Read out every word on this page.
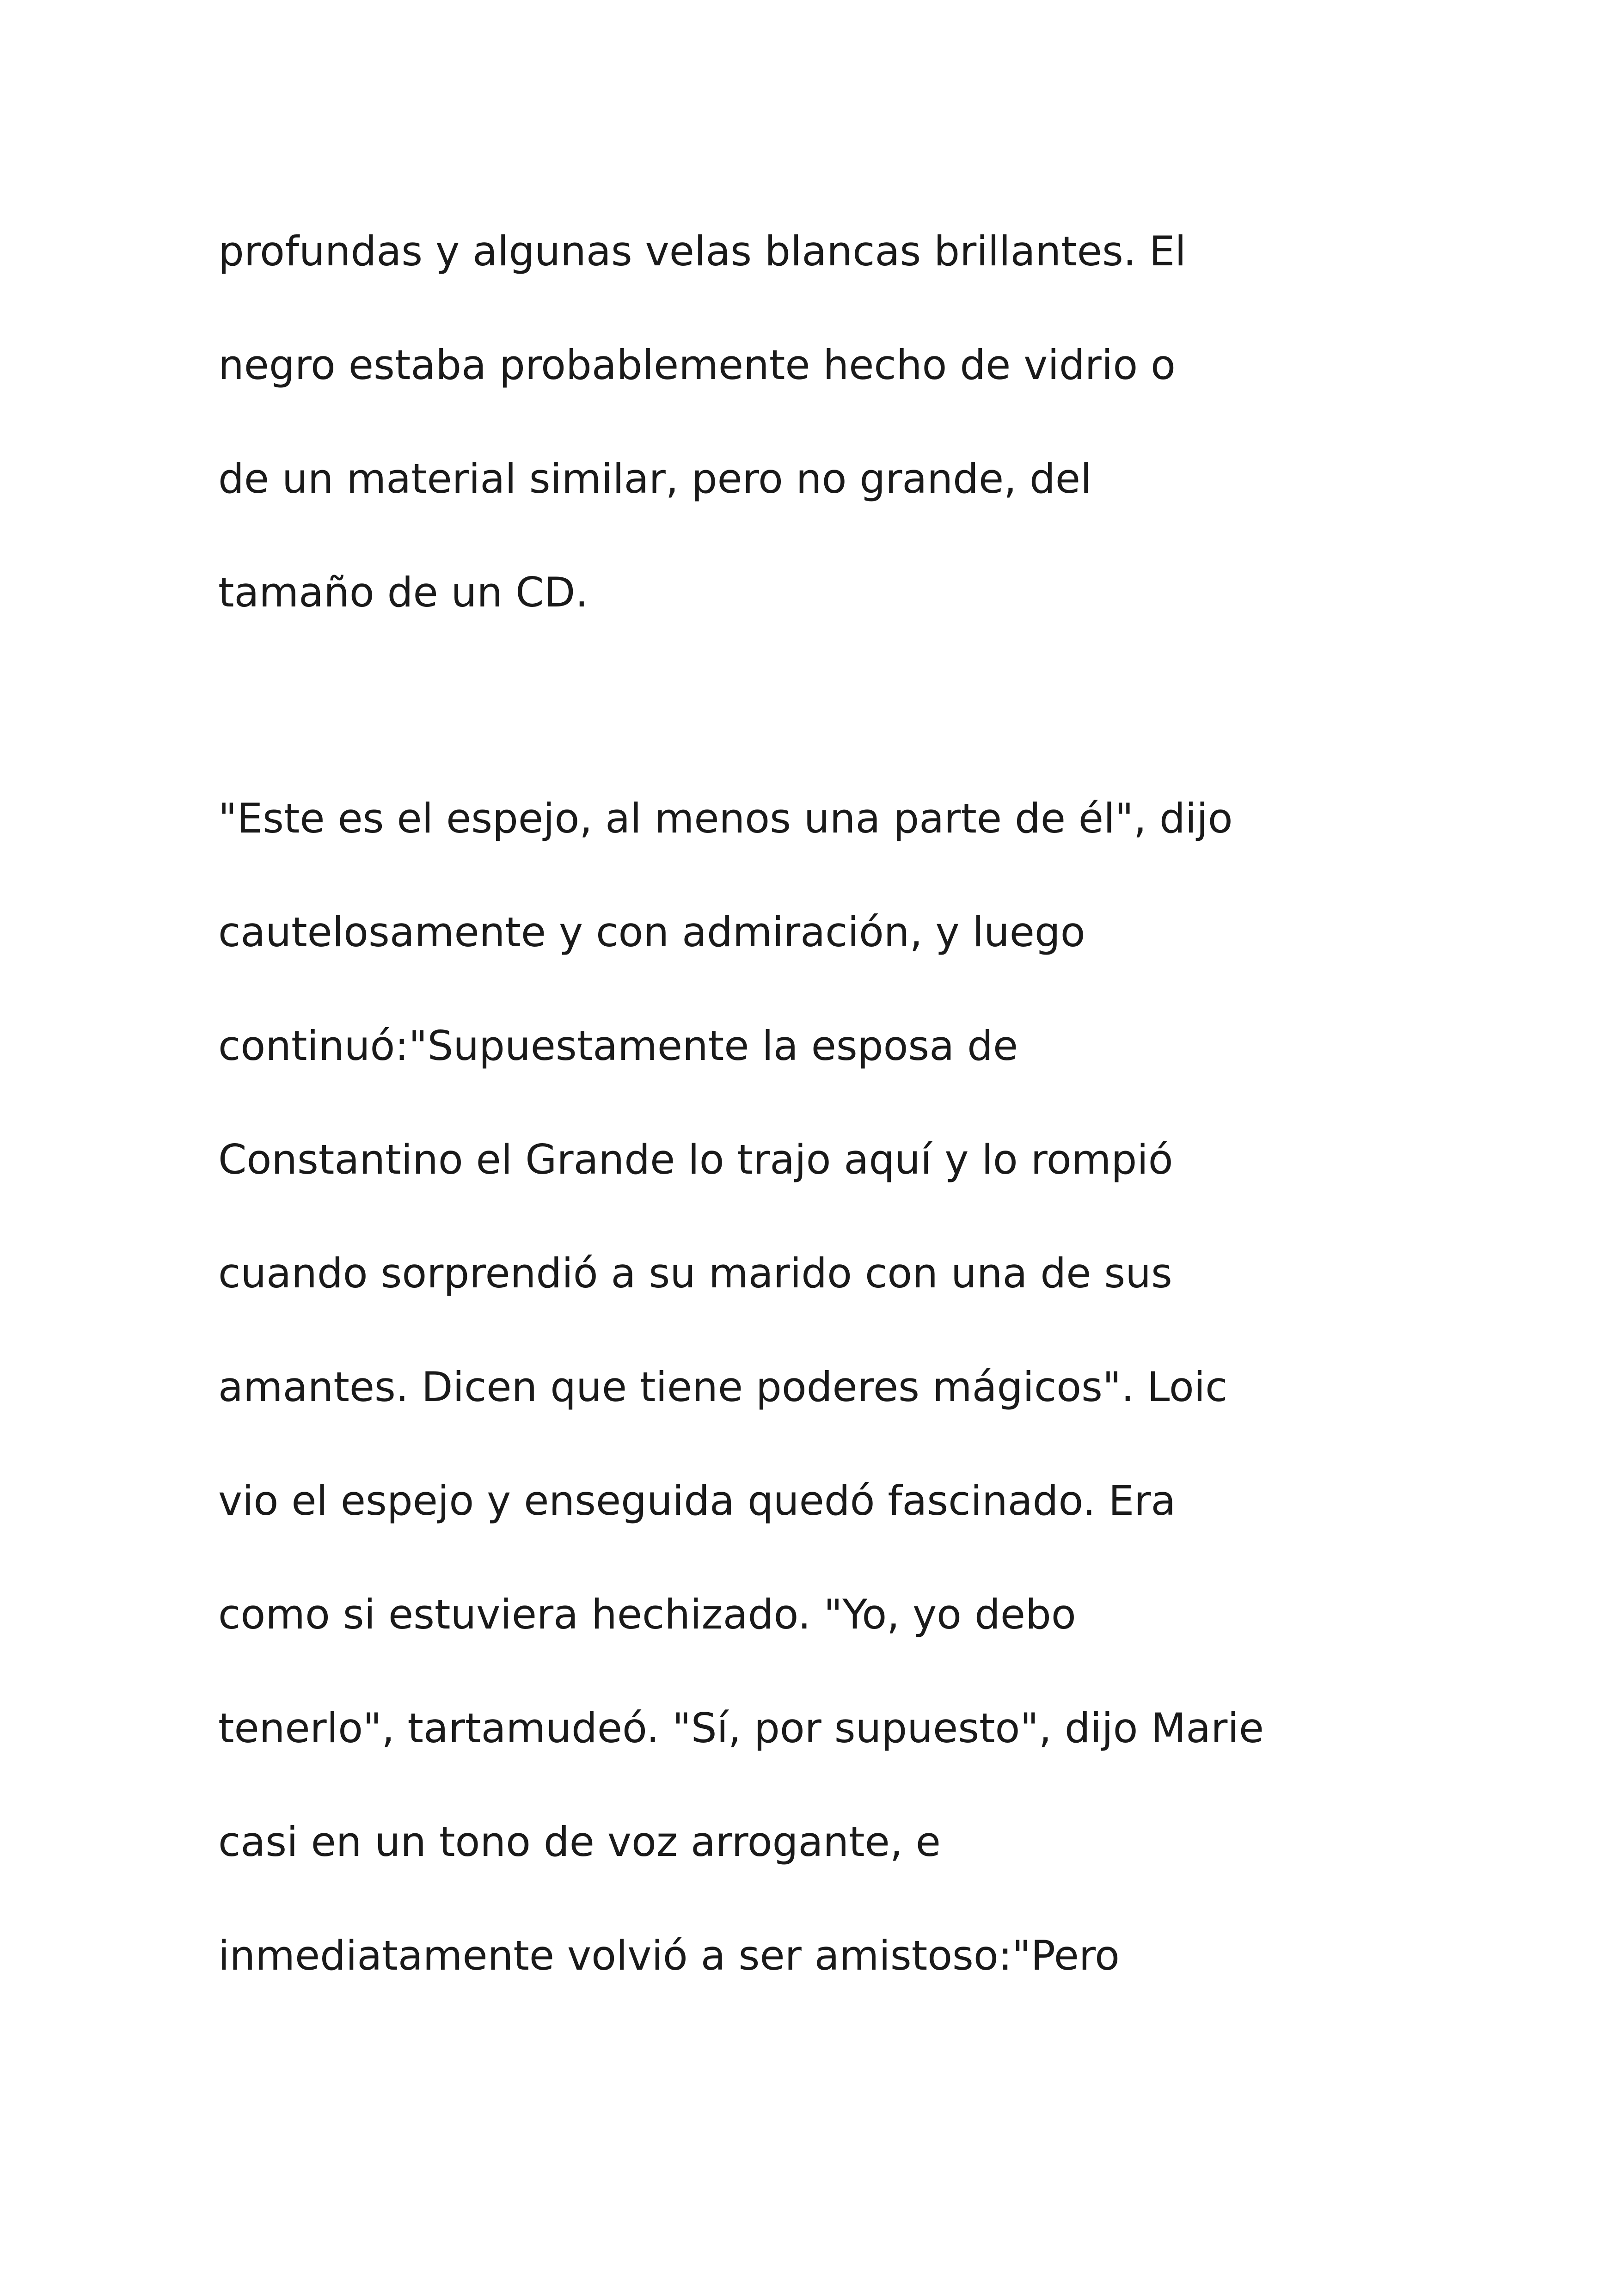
profundas y algunas velas blancas brillantes. El
negro estaba probablemente hecho de vidrio o
de un material similar, pero no grande, del
tamaño de un CD.
"Este es el espejo, al menos una parte de él", dijo
cautelosamente y con admiración, y luego
continuó:"Supuestamente la esposa de
Constantino el Grande lo trajo aquí y lo rompió
cuando sorprendió a su marido con una de sus
amantes. Dicen que tiene poderes mágicos". Loic
vio el espejo y enseguida quedó fascinado. Era
como si estuviera hechizado. "Yo, yo debo
tenerlo", tartamudeó. "Sí, por supuesto", dijo Marie
casi en un tono de voz arrogante, e
inmediatamente volvió a ser amistoso:"Pero
